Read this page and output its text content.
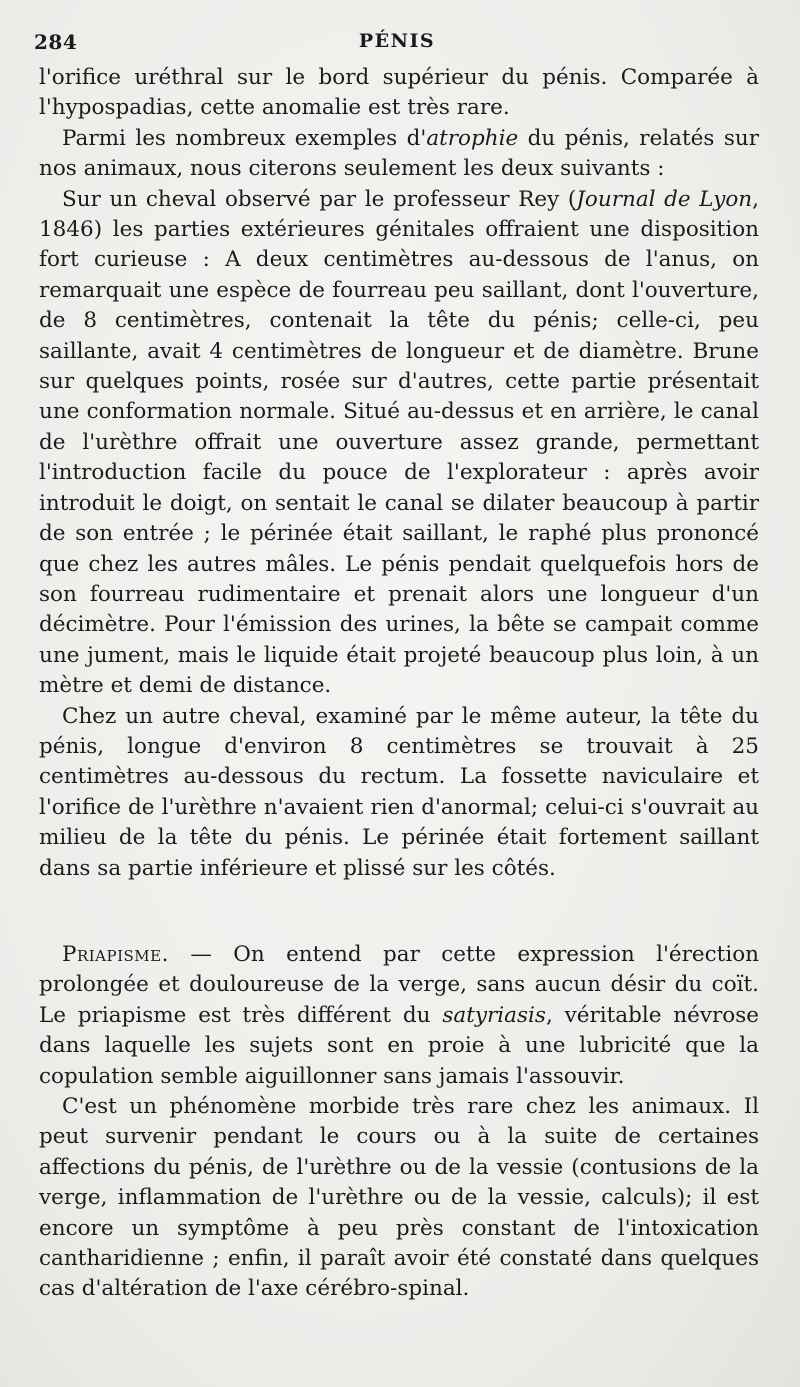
284	PÉNIS

l'orifice uréthral sur le bord supérieur du pénis. Comparée à l'hypospadias, cette anomalie est très rare.

Parmi les nombreux exemples d'atrophie du pénis, relatés sur nos animaux, nous citerons seulement les deux suivants :

Sur un cheval observé par le professeur Rey (Journal de Lyon, 1846) les parties extérieures génitales offraient une disposition fort curieuse : A deux centimètres au-dessous de l'anus, on remarquait une espèce de fourreau peu saillant, dont l'ouverture, de 8 centimètres, contenait la tête du pénis; celle-ci, peu saillante, avait 4 centimètres de longueur et de diamètre. Brune sur quelques points, rosée sur d'autres, cette partie présentait une conformation normale. Situé au-dessus et en arrière, le canal de l'urèthre offrait une ouverture assez grande, permettant l'introduction facile du pouce de l'explorateur : après avoir introduit le doigt, on sentait le canal se dilater beaucoup à partir de son entrée ; le périnée était saillant, le raphé plus prononcé que chez les autres mâles. Le pénis pendait quelquefois hors de son fourreau rudimentaire et prenait alors une longueur d'un décimètre. Pour l'émission des urines, la bête se campait comme une jument, mais le liquide était projeté beaucoup plus loin, à un mètre et demi de distance.

Chez un autre cheval, examiné par le même auteur, la tête du pénis, longue d'environ 8 centimètres se trouvait à 25 centimètres au-dessous du rectum. La fossette naviculaire et l'orifice de l'urèthre n'avaient rien d'anormal; celui-ci s'ouvrait au milieu de la tête du pénis. Le périnée était fortement saillant dans sa partie inférieure et plissé sur les côtés.

Priapisme. — On entend par cette expression l'érection prolongée et douloureuse de la verge, sans aucun désir du coït. Le priapisme est très différent du satyriasis, véritable névrose dans laquelle les sujets sont en proie à une lubricité que la copulation semble aiguillonner sans jamais l'assouvir.

C'est un phénomène morbide très rare chez les animaux. Il peut survenir pendant le cours ou à la suite de certaines affections du pénis, de l'urèthre ou de la vessie (contusions de la verge, inflammation de l'urèthre ou de la vessie, calculs); il est encore un symptôme à peu près constant de l'intoxication cantharidienne ; enfin, il paraît avoir été constaté dans quelques cas d'altération de l'axe cérébro-spinal.
